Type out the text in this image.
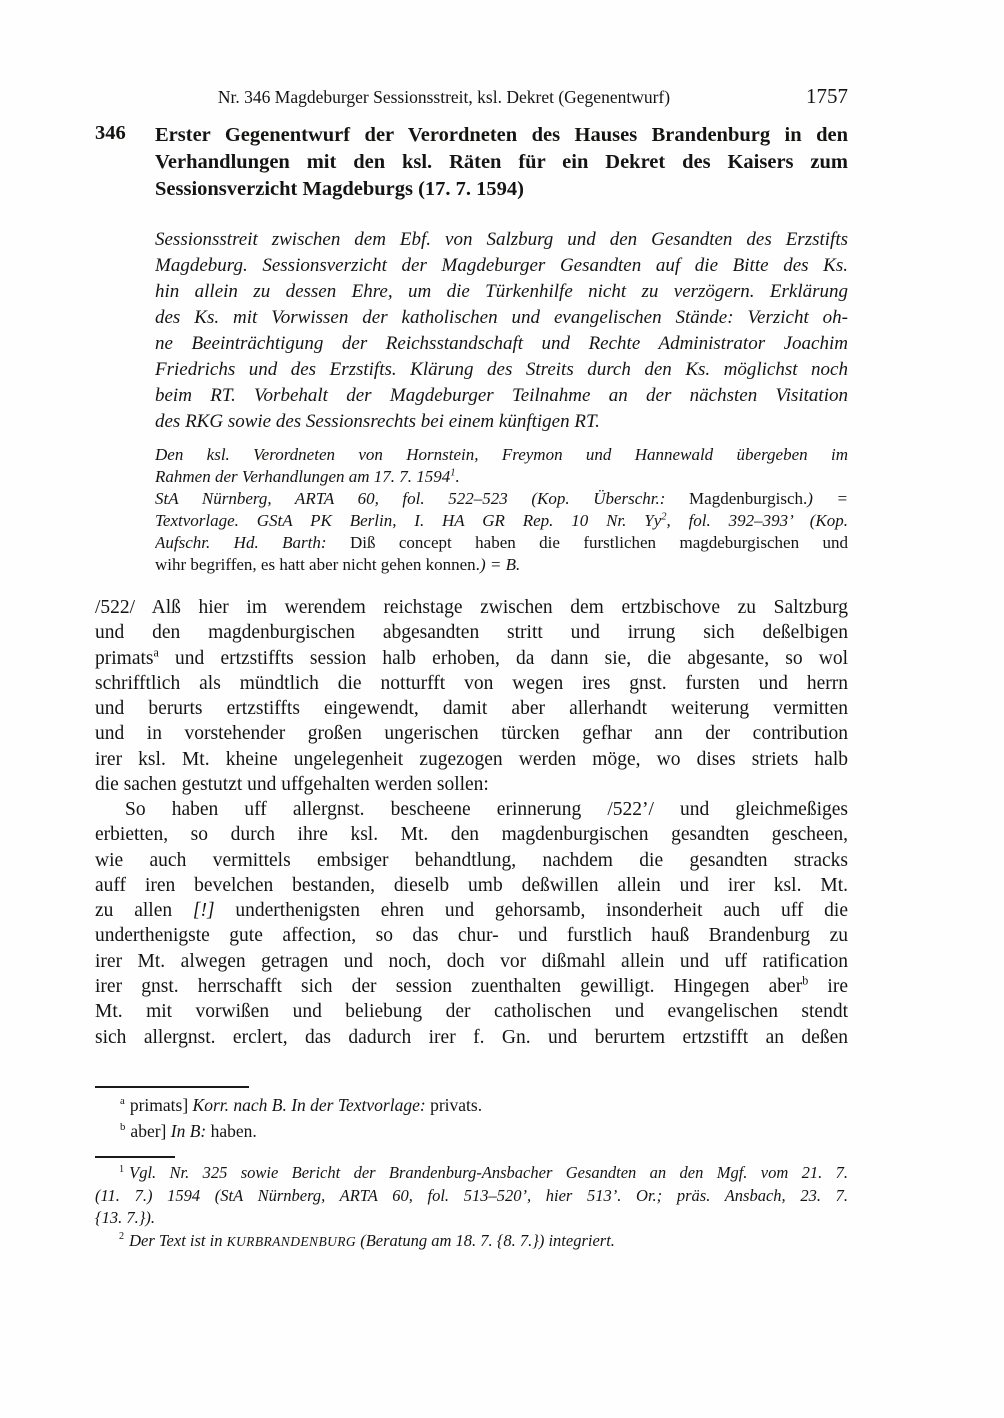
Nr. 346 Magdeburger Sessionsstreit, ksl. Dekret (Gegenentwurf)	1757
346 Erster Gegenentwurf der Verordneten des Hauses Brandenburg in den
Verhandlungen mit den ksl. Räten für ein Dekret des Kaisers zum
Sessionsverzicht Magdeburgs (17. 7. 1594)
Sessionsstreit zwischen dem Ebf. von Salzburg und den Gesandten des Erzstifts
Magdeburg. Sessionsverzicht der Magdeburger Gesandten auf die Bitte des Ks.
hin allein zu dessen Ehre, um die Türkenhilfe nicht zu verzögern. Erklärung
des Ks. mit Vorwissen der katholischen und evangelischen Stände: Verzicht oh-
ne Beeinträchtigung der Reichsstandschaft und Rechte Administrator Joachim
Friedrichs und des Erzstifts. Klärung des Streits durch den Ks. möglichst noch
beim RT. Vorbehalt der Magdeburger Teilnahme an der nächsten Visitation
des RKG sowie des Sessionsrechts bei einem künftigen RT.
Den ksl. Verordneten von Hornstein, Freymon und Hannewald übergeben im
Rahmen der Verhandlungen am 17. 7. 1594$^1$.
StA Nürnberg, ARTA 60, fol. 522–523 (Kop. Überschr.: Magdenburgisch.) =
Textvorlage. GStA PK Berlin, I. HA GR Rep. 10 Nr. Yy$^2$, fol. 392–393’ (Kop.
Aufschr. Hd. Barth: Diß concept haben die furstlichen magdeburgischen und
wihr begriffen, es hatt aber nicht gehen konnen.) = B.
/522/ Alß hier im werendem reichstage zwischen dem ertzbischove zu Saltzburg
und den magdenburgischen abgesandten stritt und irrung sich deßelbigen
primats$^a$ und ertzstiffts session halb erhoben, da dann sie, die abgesante, so wol
schrifftlich als mündtlich die notturfft von wegen ires gnst. fursten und herrn
und berurts ertzstiffts eingewendt, damit aber allerhandt weiterung vermitten
und in vorstehender großen ungerischen türcken gefhar ann der contribution
irer ksl. Mt. kheine ungelegenheit zugezogen werden möge, wo dises striets halb
die sachen gestutzt und uffgehalten werden sollen:
So haben uff allergnst. bescheene erinnerung /522’/ und gleichmeßiges
erbietten, so durch ihre ksl. Mt. den magdenburgischen gesandten gescheen,
wie auch vermittels embsiger behandtlung, nachdem die gesandten stracks
auff iren bevelchen bestanden, dieselb umb deßwillen allein und irer ksl. Mt.
zu allen [!] underthenigsten ehren und gehorsamb, insonderheit auch uff die
underthenigste gute affection, so das chur- und furstlich hauß Brandenburg zu
irer Mt. alwegen getragen und noch, doch vor dißmahl allein und uff ratification
irer gnst. herrschafft sich der session zuenthalten gewilligt. Hingegen aber$^b$ ire
Mt. mit vorwißen und beliebung der catholischen und evangelischen stendt
sich allergnst. erclert, das dadurch irer f. Gn. und berurtem ertzstifft an deßen
$^a$ primats] Korr. nach B. In der Textvorlage: privats.
$^b$ aber] In B: haben.
$^1$ Vgl. Nr. 325 sowie Bericht der Brandenburg-Ansbacher Gesandten an den Mgf. vom 21. 7.
(11. 7.) 1594 (StA Nürnberg, ARTA 60, fol. 513–520’, hier 513’. Or.; präs. Ansbach, 23. 7.
{13. 7.}).
$^2$ Der Text ist in KURBRANDENBURG (Beratung am 18. 7. {8. 7.}) integriert.
